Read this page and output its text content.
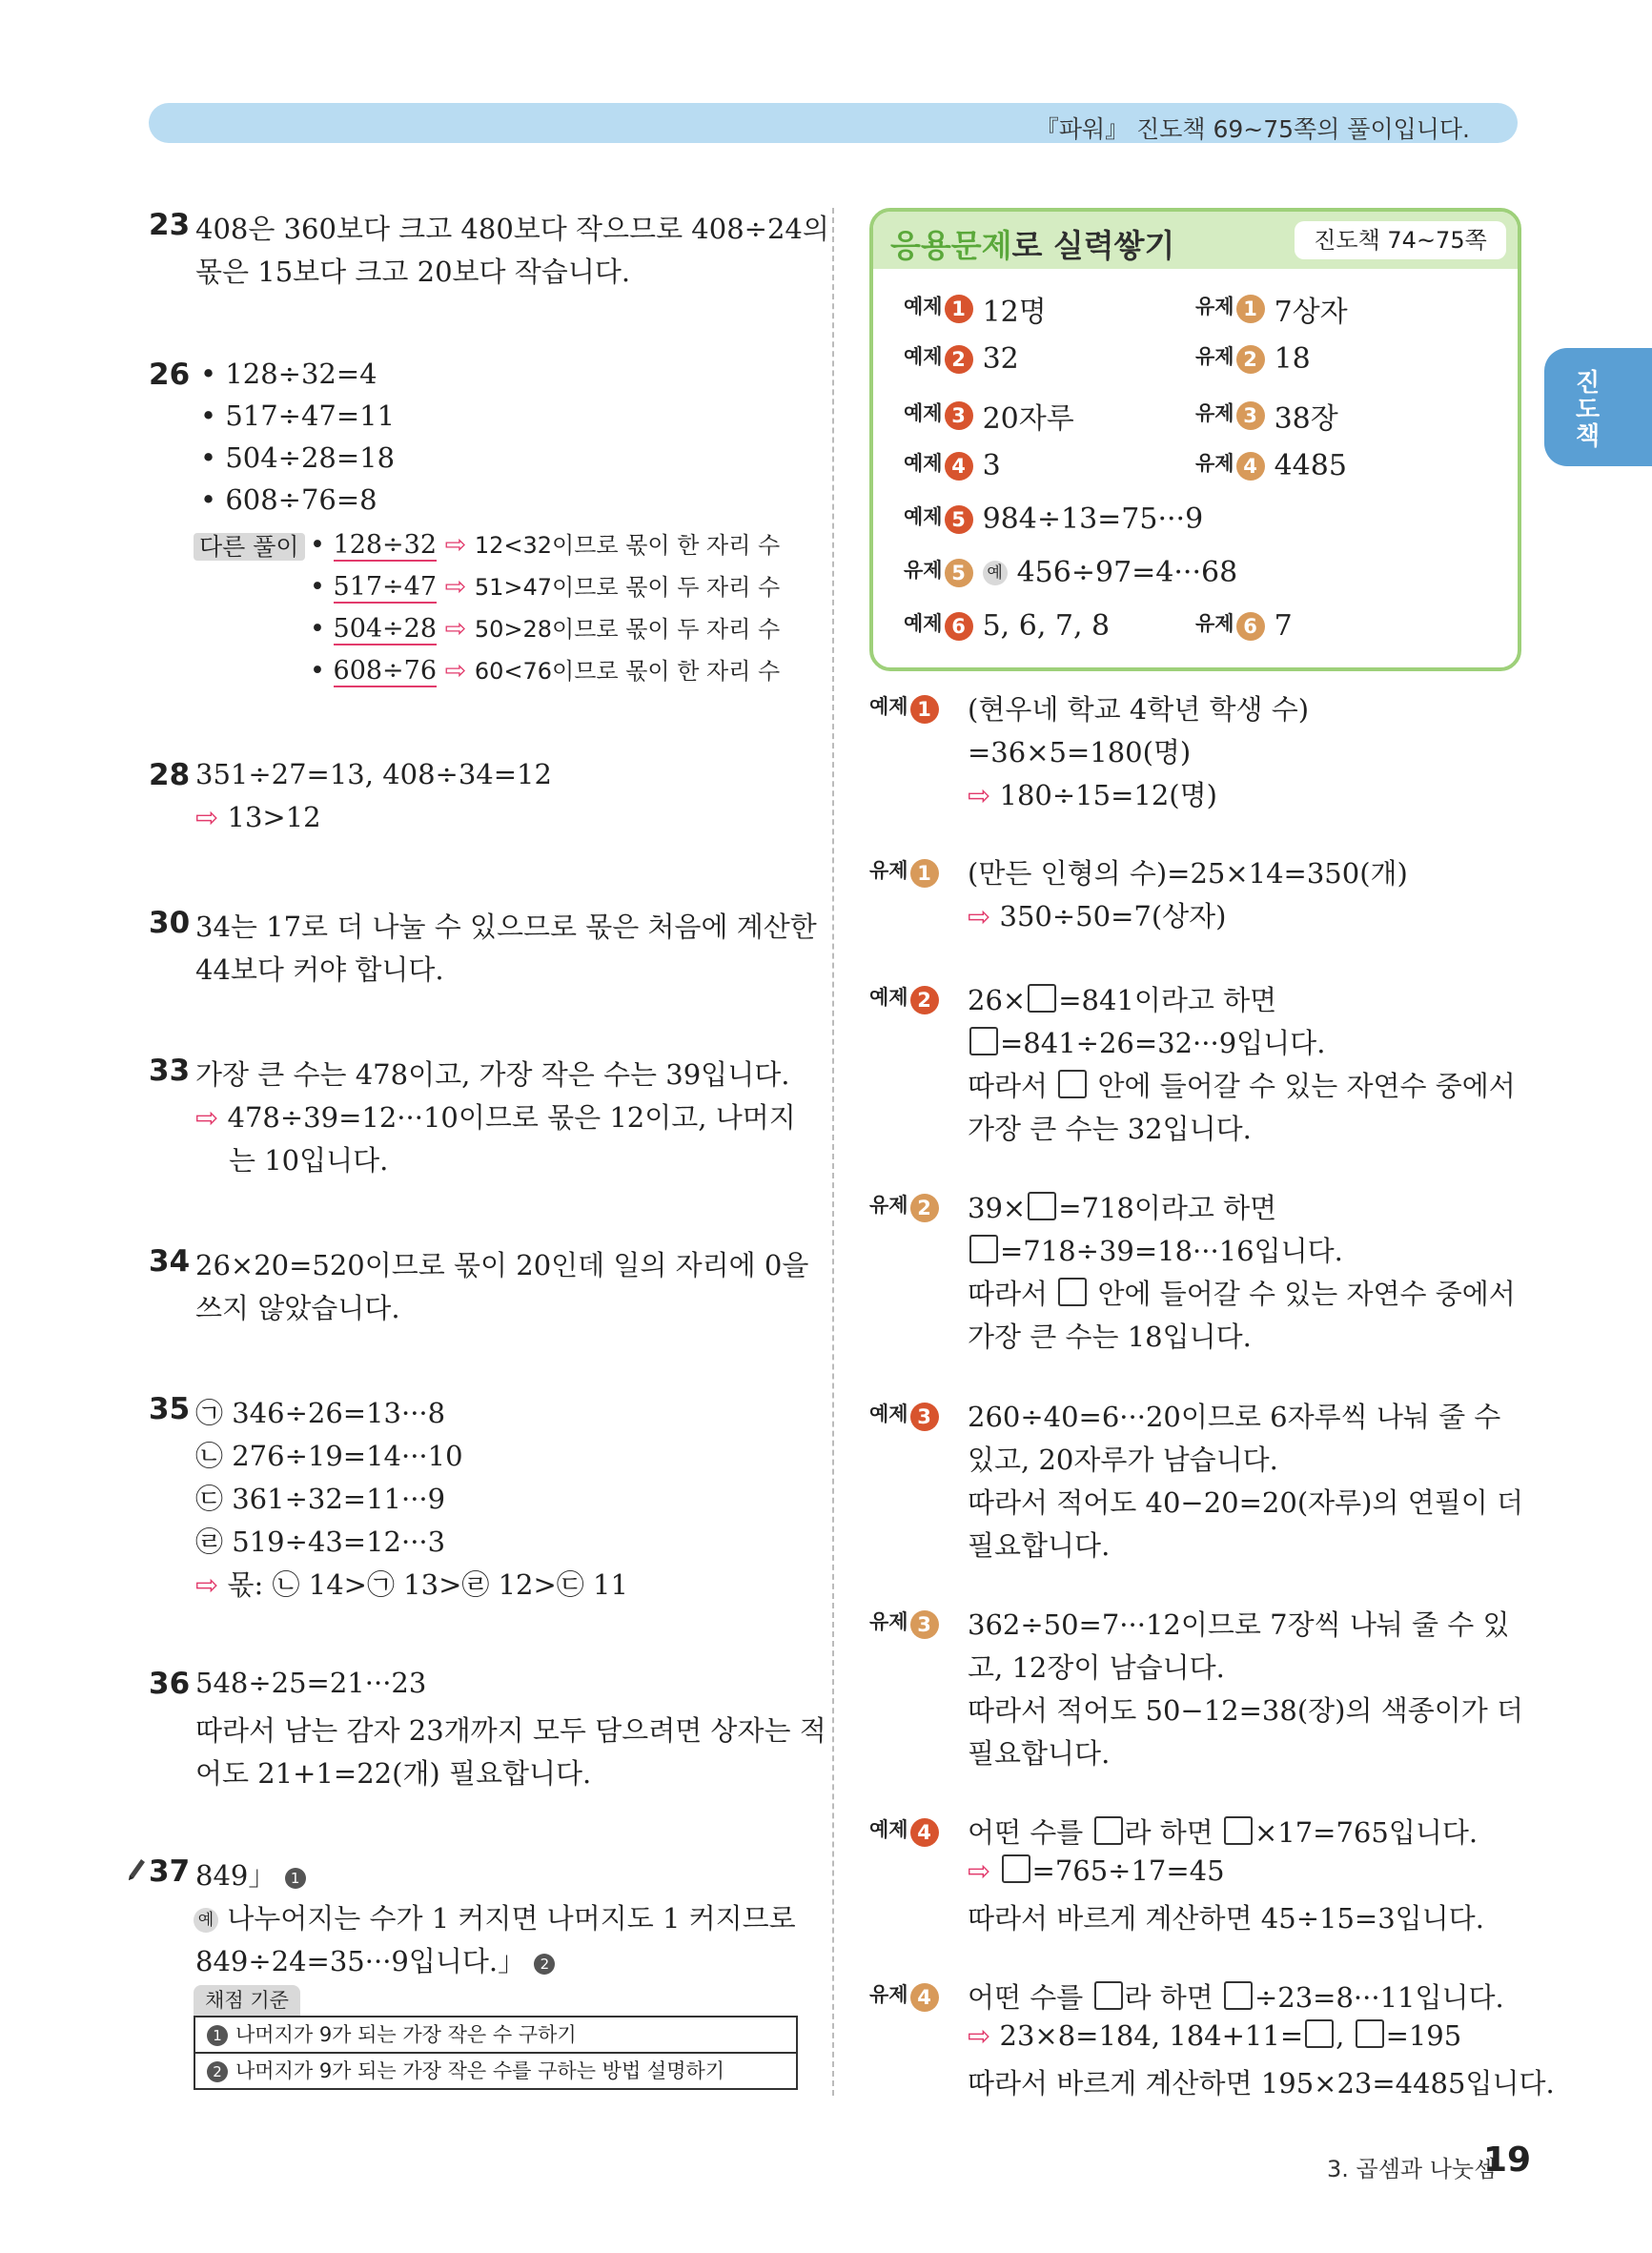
『파워』 진도책 69~75쪽의 풀이입니다.
진도책
23 408은 360보다 크고 480보다 작으므로 408÷24의
몫은 15보다 크고 20보다 작습니다.
26 • 128÷32=4
• 517÷47=11
• 504÷28=18
• 608÷76=8
다른 풀이 • 128÷32 ⇨ 12<32이므로 몫이 한 자리 수
• 517÷47 ⇨ 51>47이므로 몫이 두 자리 수
• 504÷28 ⇨ 50>28이므로 몫이 두 자리 수
• 608÷76 ⇨ 60<76이므로 몫이 한 자리 수
28 351÷27=13, 408÷34=12
⇨ 13>12
30 34는 17로 더 나눌 수 있으므로 몫은 처음에 계산한
44보다 커야 합니다.
33 가장 큰 수는 478이고, 가장 작은 수는 39입니다.
⇨ 478÷39=12···10이므로 몫은 12이고, 나머지
는 10입니다.
34 26×20=520이므로 몫이 20인데 일의 자리에 0을
쓰지 않았습니다.
35 ㉠ 346÷26=13···8
㉡ 276÷19=14···10
㉢ 361÷32=11···9
㉣ 519÷43=12···3
⇨ 몫: ㉡ 14>㉠ 13>㉣ 12>㉢ 11
36 548÷25=21···23
따라서 남는 감자 23개까지 모두 담으려면 상자는 적
어도 21+1=22(개) 필요합니다.
37 849」 1
예 나누어지는 수가 1 커지면 나머지도 1 커지므로
849÷24=35···9입니다.」 2
채점 기준
1 나머지가 9가 되는 가장 작은 수 구하기
2 나머지가 9가 되는 가장 작은 수를 구하는 방법 설명하기
응용문제로 실력쌓기	진도책 74~75쪽
예제 1 12명	유제 1 7상자
예제 2 32	유제 2 18
예제 3 20자루	유제 3 38장
예제 4 3	유제 4 4485
예제 5 984÷13=75···9
유제 5 예 456÷97=4···68
예제 6 5, 6, 7, 8	유제 6 7
예제 1 (현우네 학교 4학년 학생 수)
=36×5=180(명)
⇨ 180÷15=12(명)
유제 1 (만든 인형의 수)=25×14=350(개)
⇨ 350÷50=7(상자)
예제 2 26× =841이라고 하면
=841÷26=32···9입니다.
따라서 안에 들어갈 수 있는 자연수 중에서
가장 큰 수는 32입니다.
유제 2 39× =718이라고 하면
=718÷39=18···16입니다.
따라서 안에 들어갈 수 있는 자연수 중에서
가장 큰 수는 18입니다.
예제 3 260÷40=6···20이므로 6자루씩 나눠 줄 수
있고, 20자루가 남습니다.
따라서 적어도 40−20=20(자루)의 연필이 더
필요합니다.
유제 3 362÷50=7···12이므로 7장씩 나눠 줄 수 있
고, 12장이 남습니다.
따라서 적어도 50−12=38(장)의 색종이가 더
필요합니다.
예제 4 어떤 수를 라 하면 ×17=765입니다.
⇨ =765÷17=45
따라서 바르게 계산하면 45÷15=3입니다.
유제 4 어떤 수를 라 하면 ÷23=8···11입니다.
⇨ 23×8=184, 184+11= , =195
따라서 바르게 계산하면 195×23=4485입니다.
3. 곱셈과 나눗셈
19
